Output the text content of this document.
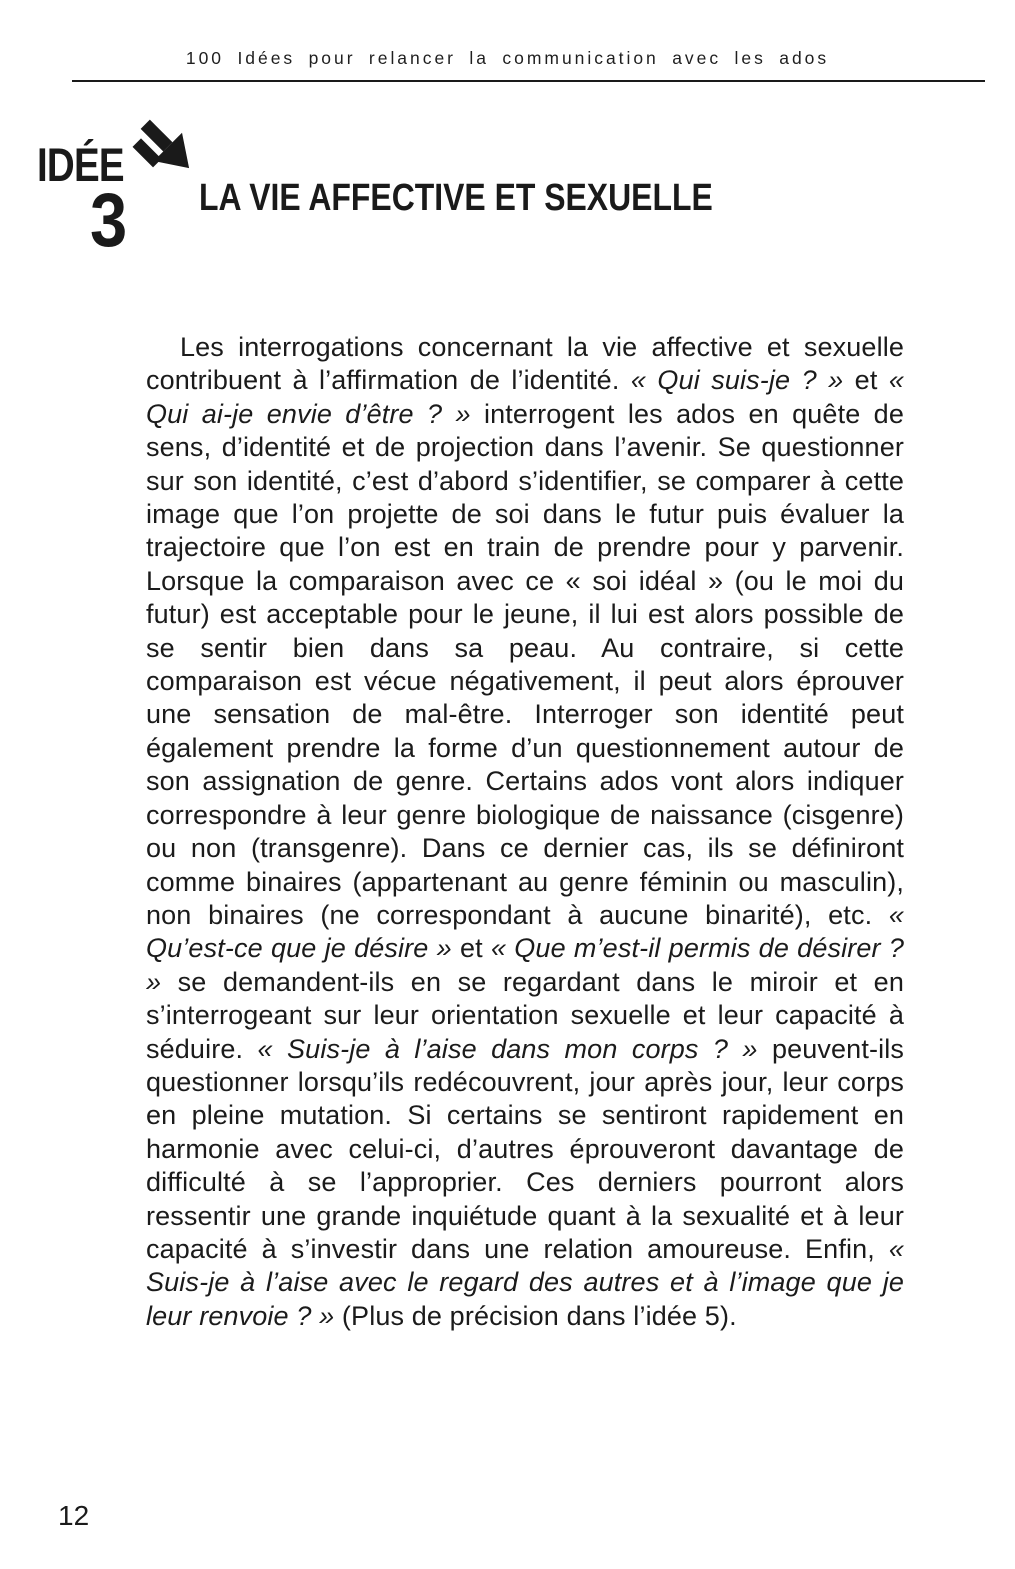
100 Idées pour relancer la communication avec les ados
IDÉE
3 LA VIE AFFECTIVE ET SEXUELLE

Les interrogations concernant la vie affective et sexuelle contribuent à l’affirmation de l’identité. « Qui suis-je ? » et « Qui ai-je envie d’être ? » interrogent les ados en quête de sens, d’identité et de projection dans l’avenir. Se questionner sur son identité, c’est d’abord s’identifier, se comparer à cette image que l’on projette de soi dans le futur puis évaluer la trajectoire que l’on est en train de prendre pour y parvenir. Lorsque la comparaison avec ce « soi idéal » (ou le moi du futur) est acceptable pour le jeune, il lui est alors possible de se sentir bien dans sa peau. Au contraire, si cette comparaison est vécue négativement, il peut alors éprouver une sensation de mal-être. Interroger son identité peut également prendre la forme d’un questionnement autour de son assignation de genre. Certains ados vont alors indiquer correspondre à leur genre biologique de naissance (cisgenre) ou non (transgenre). Dans ce dernier cas, ils se définiront comme binaires (appartenant au genre féminin ou masculin), non binaires (ne correspondant à aucune binarité), etc. « Qu’est-ce que je désire » et « Que m’est-il permis de désirer ? » se demandent-ils en se regardant dans le miroir et en s’interrogeant sur leur orientation sexuelle et leur capacité à séduire. « Suis-je à l’aise dans mon corps ? » peuvent-ils questionner lorsqu’ils redécouvrent, jour après jour, leur corps en pleine mutation. Si certains se sentiront rapidement en harmonie avec celui-ci, d’autres éprouveront davantage de difficulté à se l’approprier. Ces derniers pourront alors ressentir une grande inquiétude quant à la sexualité et à leur capacité à s’investir dans une relation amoureuse. Enfin, « Suis-je à l’aise avec le regard des autres et à l’image que je leur renvoie ? » (Plus de précision dans l’idée 5).

12
